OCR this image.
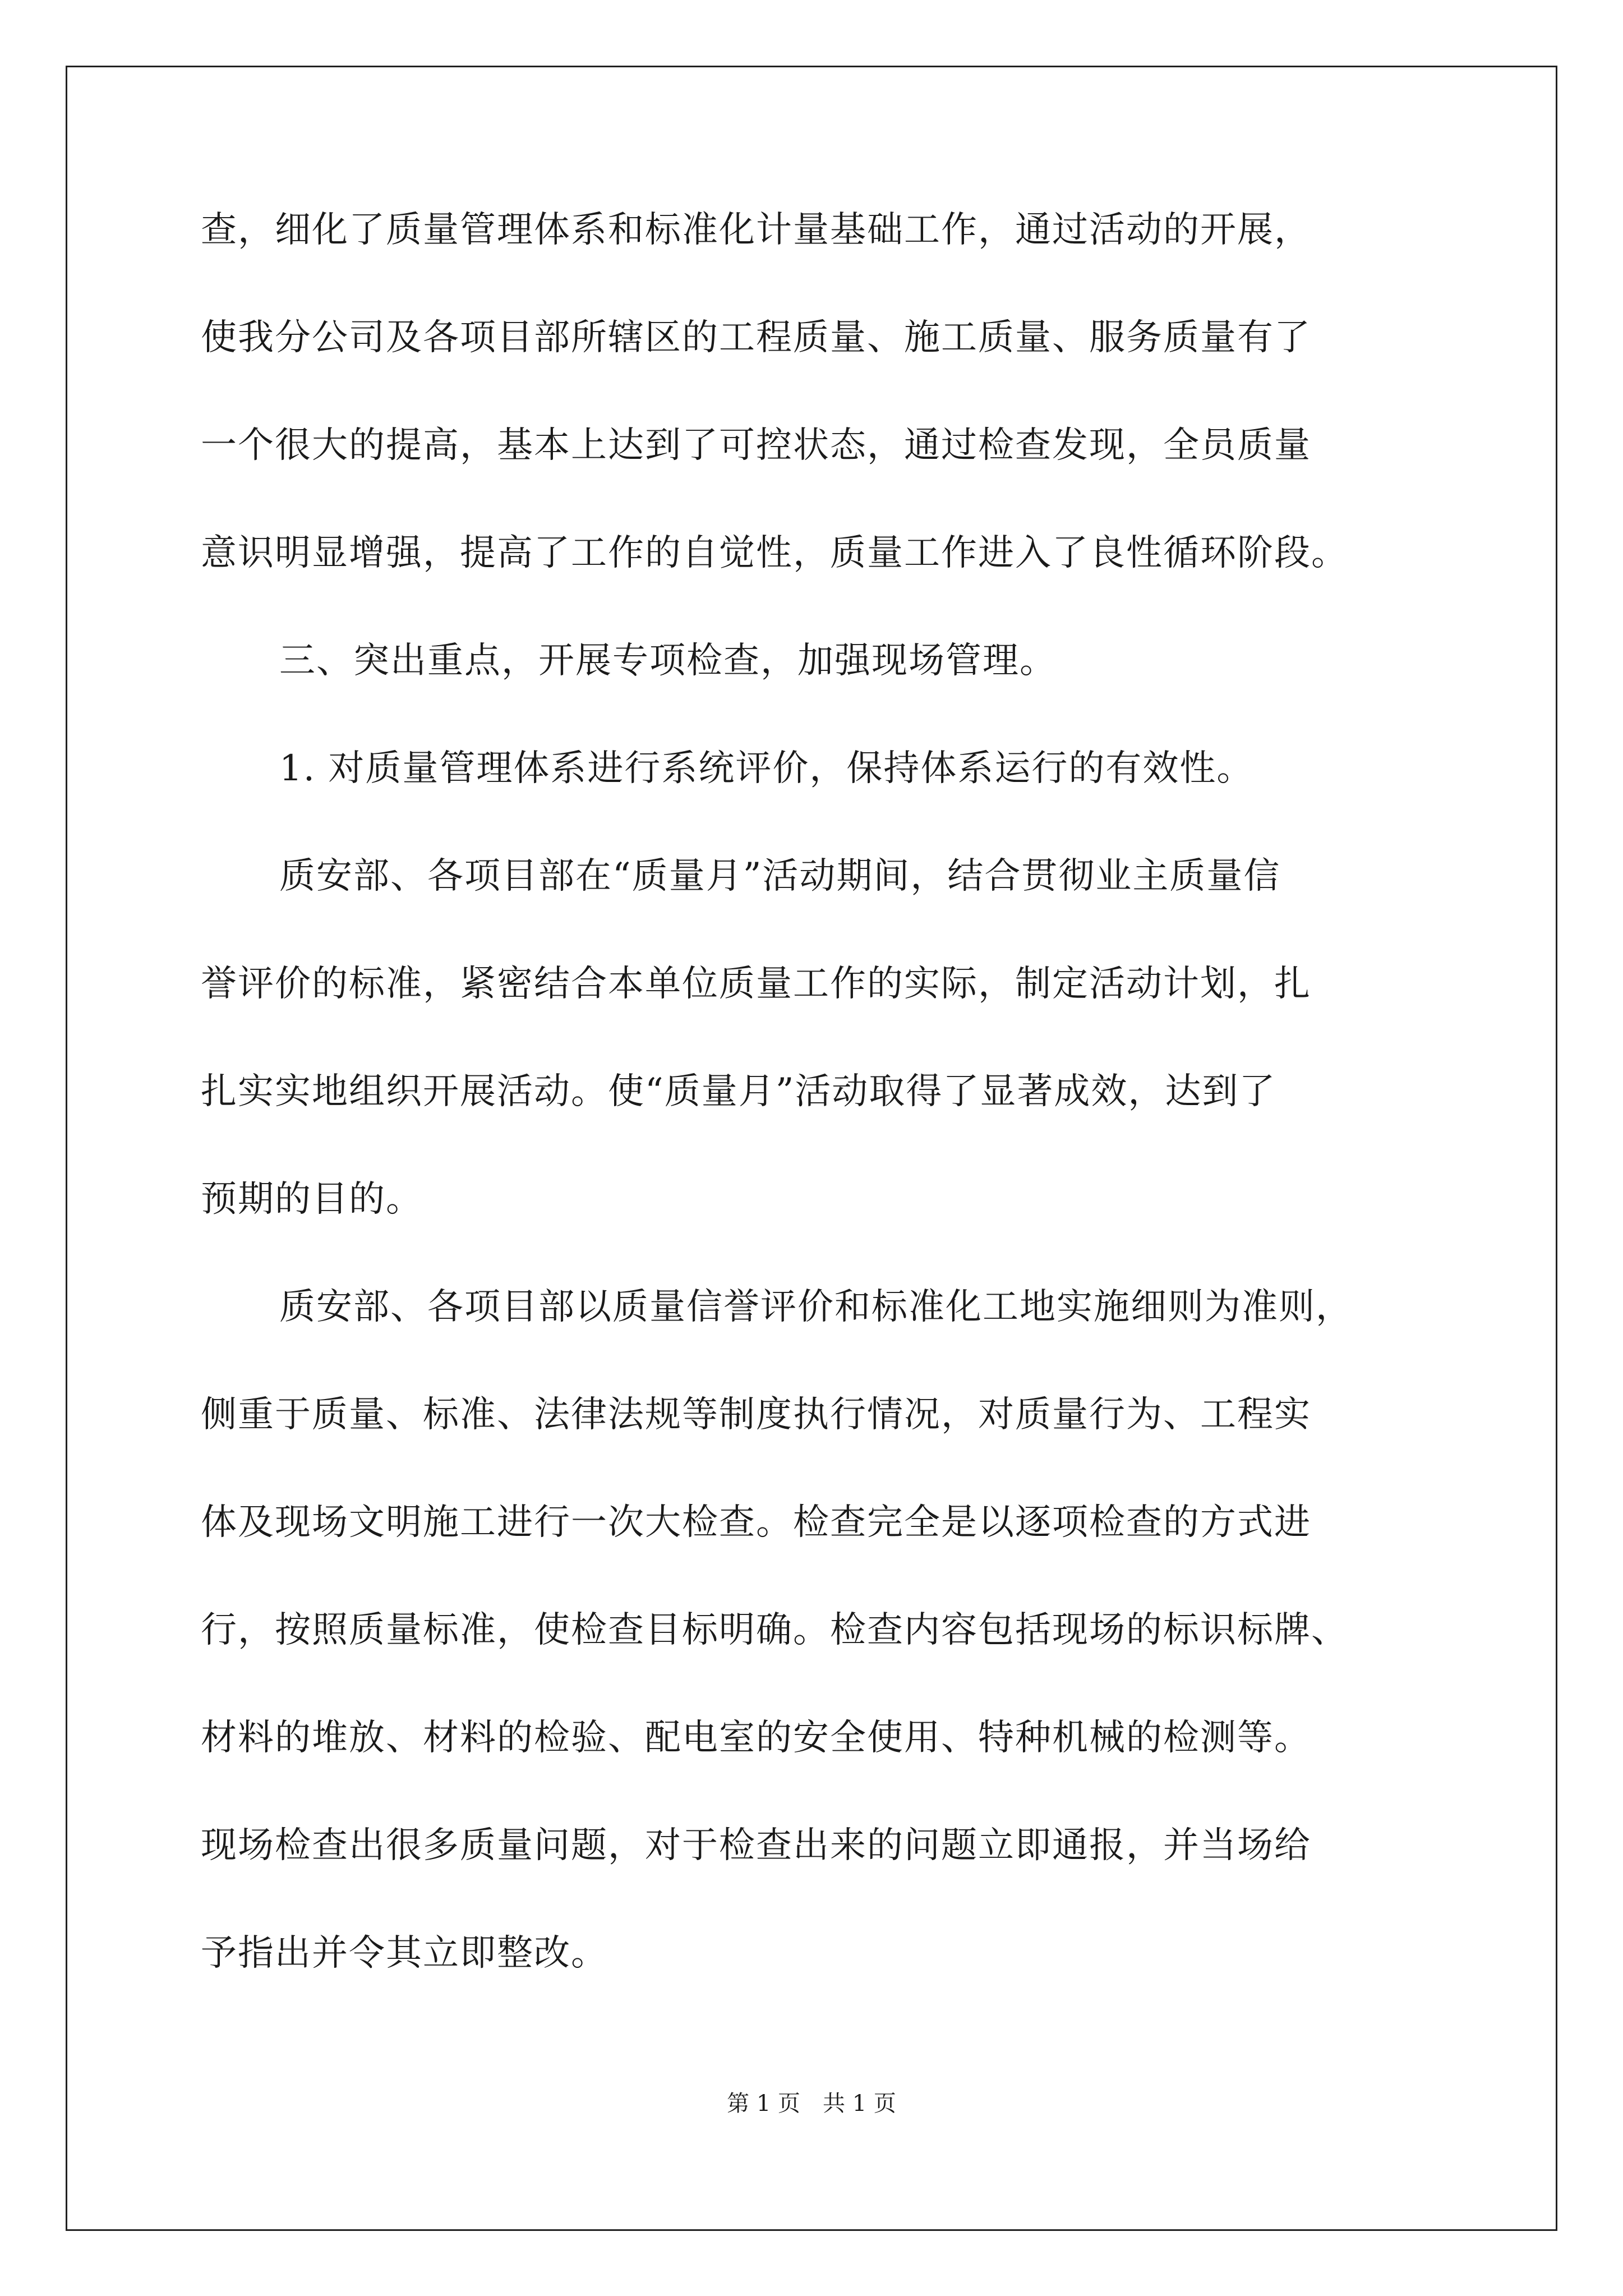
查，细化了质量管理体系和标准化计量基础工作，通过活动的开展，
使我分公司及各项目部所辖区的工程质量、施工质量、服务质量有了
一个很大的提高，基本上达到了可控状态，通过检查发现，全员质量
意识明显增强，提高了工作的自觉性，质量工作进入了良性循环阶段。
三、突出重点，开展专项检查，加强现场管理。
1. 对质量管理体系进行系统评价，保持体系运行的有效性。
质安部、各项目部在“质量月”活动期间，结合贯彻业主质量信
誉评价的标准，紧密结合本单位质量工作的实际，制定活动计划，扎
扎实实地组织开展活动。使“质量月”活动取得了显著成效，达到了
预期的目的。
质安部、各项目部以质量信誉评价和标准化工地实施细则为准则，
侧重于质量、标准、法律法规等制度执行情况，对质量行为、工程实
体及现场文明施工进行一次大检查。检查完全是以逐项检查的方式进
行，按照质量标准，使检查目标明确。检查内容包括现场的标识标牌、
材料的堆放、材料的检验、配电室的安全使用、特种机械的检测等。
现场检查出很多质量问题，对于检查出来的问题立即通报，并当场给
予指出并令其立即整改。
第 1 页　共 1 页
